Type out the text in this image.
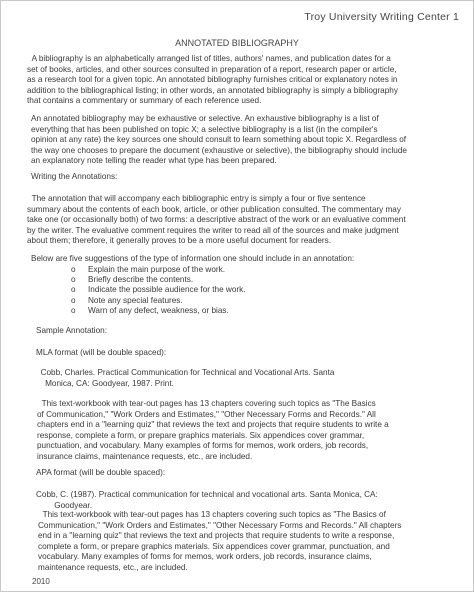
Troy University Writing Center 1
ANNOTATED BIBLIOGRAPHY

A bibliography is an alphabetically arranged list of titles, authors' names, and publication dates for a
set of books, articles, and other sources consulted in preparation of a report, research paper or article,
as a research tool for a given topic. An annotated bibliography furnishes critical or explanatory notes in
addition to the bibliographical listing; in other words, an annotated bibliography is simply a bibliography
that contains a commentary or summary of each reference used.

An annotated bibliography may be exhaustive or selective. An exhaustive bibliography is a list of
everything that has been published on topic X; a selective bibliography is a list (in the compiler's
opinion at any rate) the key sources one should consult to learn something about topic X. Regardless of
the way one chooses to prepare the document (exhaustive or selective), the bibliography should include
an explanatory note telling the reader what type has been prepared.

Writing the Annotations:

The annotation that will accompany each bibliographic entry is simply a four or five sentence
summary about the contents of each book, article, or other publication consulted. The commentary may
take one (or occasionally both) of two forms: a descriptive abstract of the work or an evaluative comment
by the writer. The evaluative comment requires the writer to read all of the sources and make judgment
about them; therefore, it generally proves to be a more useful document for readers.

Below are five suggestions of the type of information one should include in an annotation:
o Explain the main purpose of the work.
o Briefly describe the contents.
o Indicate the possible audience for the work.
o Note any special features.
o Warn of any defect, weakness, or bias.
Sample Annotation:
MLA format (will be double spaced):

Cobb, Charles. Practical Communication for Technical and Vocational Arts. Santa
Monica, CA: Goodyear, 1987. Print.

This text-workbook with tear-out pages has 13 chapters covering such topics as "The Basics
of Communication," "Work Orders and Estimates," "Other Necessary Forms and Records." All
chapters end in a "learning quiz" that reviews the text and projects that require students to write a
response, complete a form, or prepare graphics materials. Six appendices cover grammar,
punctuation, and vocabulary. Many examples of forms for memos, work orders, job records,
insurance claims, maintenance requests, etc., are included.

APA format (will be double spaced):

Cobb, C. (1987). Practical communication for technical and vocational arts. Santa Monica, CA:
Goodyear.

This text-workbook with tear-out pages has 13 chapters covering such topics as "The Basics of
Communication," "Work Orders and Estimates," "Other Necessary Forms and Records." All chapters
end in a "learning quiz" that reviews the text and projects that require students to write a response,
complete a form, or prepare graphics materials. Six appendices cover grammar, punctuation, and
vocabulary. Many examples of forms for memos, work orders, job records, insurance claims,
maintenance requests, etc., are included.

2010
